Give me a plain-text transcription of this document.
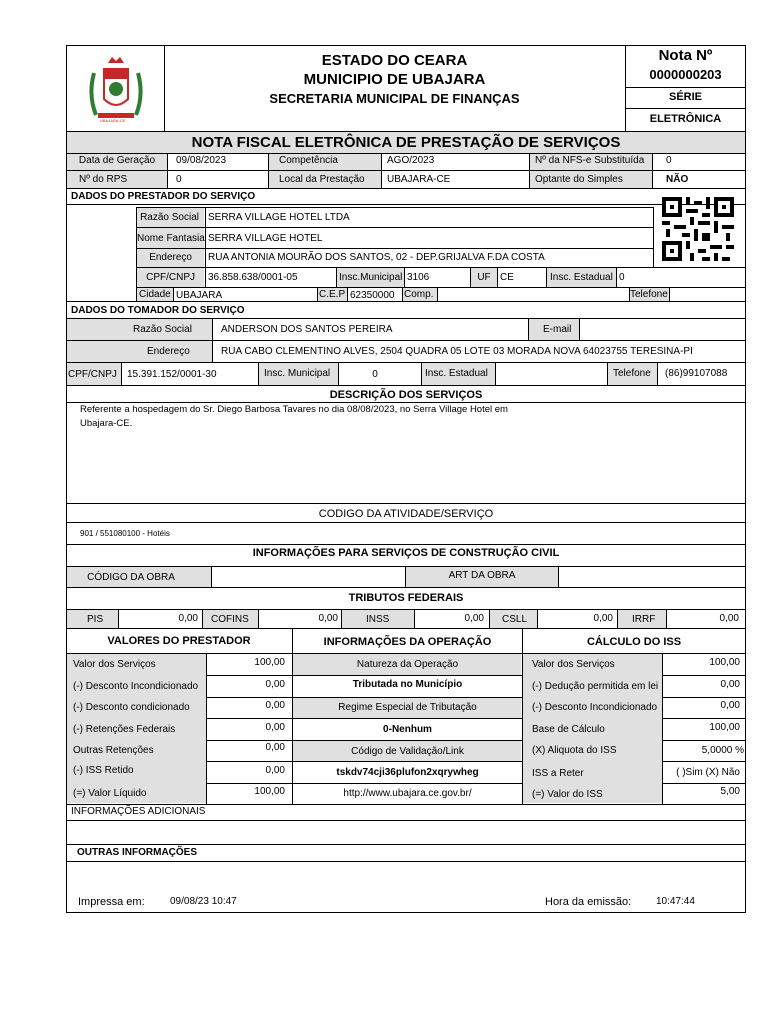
UBAJARA-CE
ESTADO DO CEARA
MUNICIPIO DE UBAJARA
SECRETARIA MUNICIPAL DE FINANÇAS
Nota Nº
0000000203
SÉRIE
ELETRÔNICA
NOTA FISCAL ELETRÔNICA DE PRESTAÇÃO DE SERVIÇOS
Data de Geração	09/08/2023	Competência	AGO/2023	Nº da NFS-e Substituída 0
Nº do RPS	0	Local da Prestação UBAJARA-CE	Optante do Simples	NÃO
DADOS DO PRESTADOR DO SERVIÇO
Razão Social SERRA VILLAGE HOTEL LTDA
Nome Fantasia SERRA VILLAGE HOTEL
Endereço RUA ANTONIA MOURÃO DOS SANTOS, 02 - DEP.GRIJALVA F.DA COSTA
CPF/CNPJ 36.858.638/0001-05	Insc.Municipal 3106	UF CE	Insc. Estadual 0
Cidade UBAJARA	C.E.P 62350000 Comp.	Telefone
DADOS DO TOMADOR DO SERVIÇO
Razão Social	ANDERSON DOS SANTOS PEREIRA	E-mail
Endereço	RUA CABO CLEMENTINO ALVES, 2504 QUADRA 05 LOTE 03 MORADA NOVA 64023755 TERESINA-PI
CPF/CNPJ 15.391.152/0001-30	Insc. Municipal	0	Insc. Estadual	Telefone (86)99107088
DESCRIÇÃO DOS SERVIÇOS
Referente a hospedagem do Sr. Diego Barbosa Tavares no dia 08/08/2023, no Serra Village Hotel em
Ubajara-CE.
CODIGO DA ATIVIDADE/SERVIÇO
901 / 551080100 - Hotéis
INFORMAÇÕES PARA SERVIÇOS DE CONSTRUÇÃO CIVIL
CÓDIGO DA OBRA	ART DA OBRA
TRIBUTOS FEDERAIS
PIS	0,00 COFINS	0,00	INSS	0,00 CSLL	0,00 IRRF	0,00
VALORES DO PRESTADOR	INFORMAÇÕES DA OPERAÇÃO	CÁLCULO DO ISS
Valor dos Serviços	100,00
(-) Desconto Incondicionado	0,00
(-) Desconto condicionado	0,00
(-) Retenções Federais	0,00
Outras Retenções	0,00
(-) ISS Retido	0,00
(=) Valor Líquido	100,00
Natureza da Operação
Tributada no Município
Regime Especial de Tributação
0-Nenhum
Código de Validação/Link
tskdv74cji36plufon2xqrywheg
http://www.ubajara.ce.gov.br/
Valor dos Serviços	100,00
(-) Dedução permitida em lei	0,00
(-) Desconto Incondicionado	0,00
Base de Cálculo	100,00
(X) Aliquota do ISS	5,0000 %
ISS a Reter	( )Sim (X) Não
(=) Valor do ISS	5,00
INFORMAÇÕES ADICIONAIS
OUTRAS INFORMAÇÕES
Impressa em:	09/08/23 10:47	Hora da emissão: 10:47:44
